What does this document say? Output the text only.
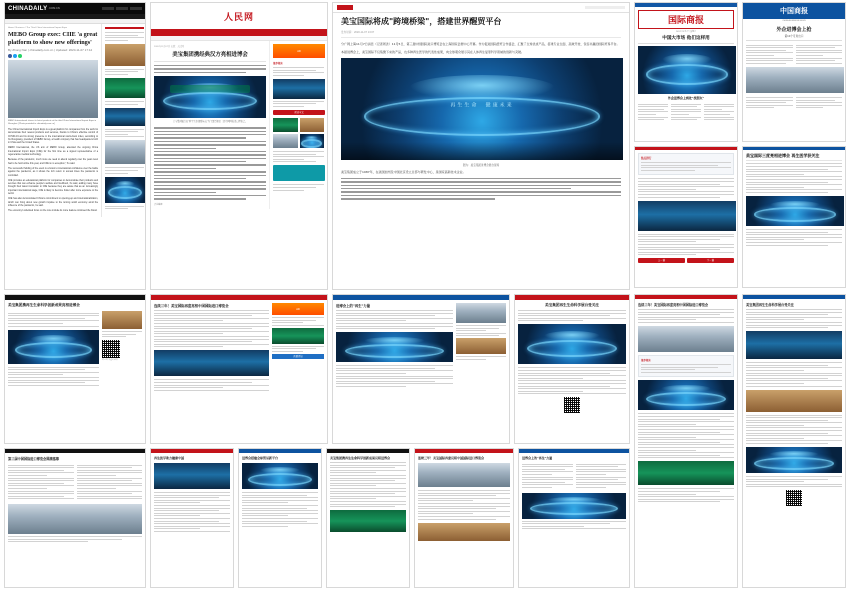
CHINADAILY .COM.CN
Home / Business / The Third China International Import Expo
MEBO Group exec: CIIE 'a great platform to show new offerings'
By Zhong Nan | chinadaily.com.cn | Updated: 2020-11-07 17:12
MEBO International shows its latest products at the third China International Import Expo in Shanghai. [Photo provided to chinadaily.com.cn]
The China International Import Expo is a great platform for companies from the world to demonstrate their newest products and services, thanks to China's effective control of COVID-19 and its strong presence in the international stock-down index, according to Xu Rongxiang, president of MEBO Group, a health company that has headquarters both in China and the United States.
MEBO International, the US arm of MEBO Group, attended the ongoing China International Import Expo (CIIE) for the first time as a signed representative of a regenerative medical technology.
Because of the pandemic, much more we need to attend regularly over the years level had to be held online this year, and CIIE is no exception," Xu said.
The successful holding of the event is a boost to international confidence over the battle against the pandemic, as it shows the rich return in annual times the pandemic is controlled.
CIIE provides an educational platform for companies to demonstrate their products and services that can enhance people's welfare and livelihood, Xu said, adding many have brought their latest innovation to CIIE because they are aware that as an increasingly important international stage, CIIE is likely to become hotter after more exposure to the world.
CIIE has also demonstrated China's commitment to opening-up and internationalization, which can bring about new growth impulse to the turning world economy amid the influence of the pandemic, he said.
The economy's sidelined focus on the core include its more feature continued the blood.
人民网
2020年11月07日 来源：人民网
美宝集团携经典汉方亮相进博会
美宝集团展台以"再生生命 健康未来"为主题亮相第三届中国国际进口博览会。
责任编辑：
AD
推荐阅读
阅读全文
美宝国际将成"跨境桥梁"，搭建世界醒贸平台
发布时间：2020-11-07 13:07
分广网上海11月7日消息（记者周洪）11月5日，第三届中国国际进口博览会在上海国家会展中心开幕。作为促进国际经贸合作盛会，汇聚了全球优质产品，搭建专业全面、高效开放、包容共赢的国际贸易平台。
本届进博会上，美宝国际不仅集聚下来的产品，也多种再生医学的代表性成果，向全球观众展示其在人体再生复原科学领域的创新与突破。
再生生命  健康未来
图为：美宝集团进博会展台现场
美宝集团成立于1987年，在美国加州及中国北京设立总部与研发中心，是国家高新技术企业。
国际商报
2020年11月7日 星期六
中国大市场 他们这样用
外企进博会上到处"找朋友"
中国商报
CHINA BUSINESS NEWS
外企进博会上抢
第10个月进出口
热点排行
上一篇	下一篇
美宝国际三度亮相进博会 再生医学获关注
美宝集团携再生生命科学创新成果亮相进博会
扫一扫 关注公众号
连续三年！美宝国际再度亮相中国国际进口博览会
AD
我要评论
进博会上的"再生"力量	美宝集团再生生命科学展台受关注
第三届中国国际进口博览会圆满落幕	再生医学助力健康中国	进博会搭建全球贸易新平台	美宝集团携再生生命科学创新成果亮相进博会	连续三年！美宝国际再度亮相中国国际进口博览会	进博会上的"再生"力量
连续三年！美宝国际再度亮相中国国际进口博览会
推荐阅读
美宝集团再生生命科学展台受关注
